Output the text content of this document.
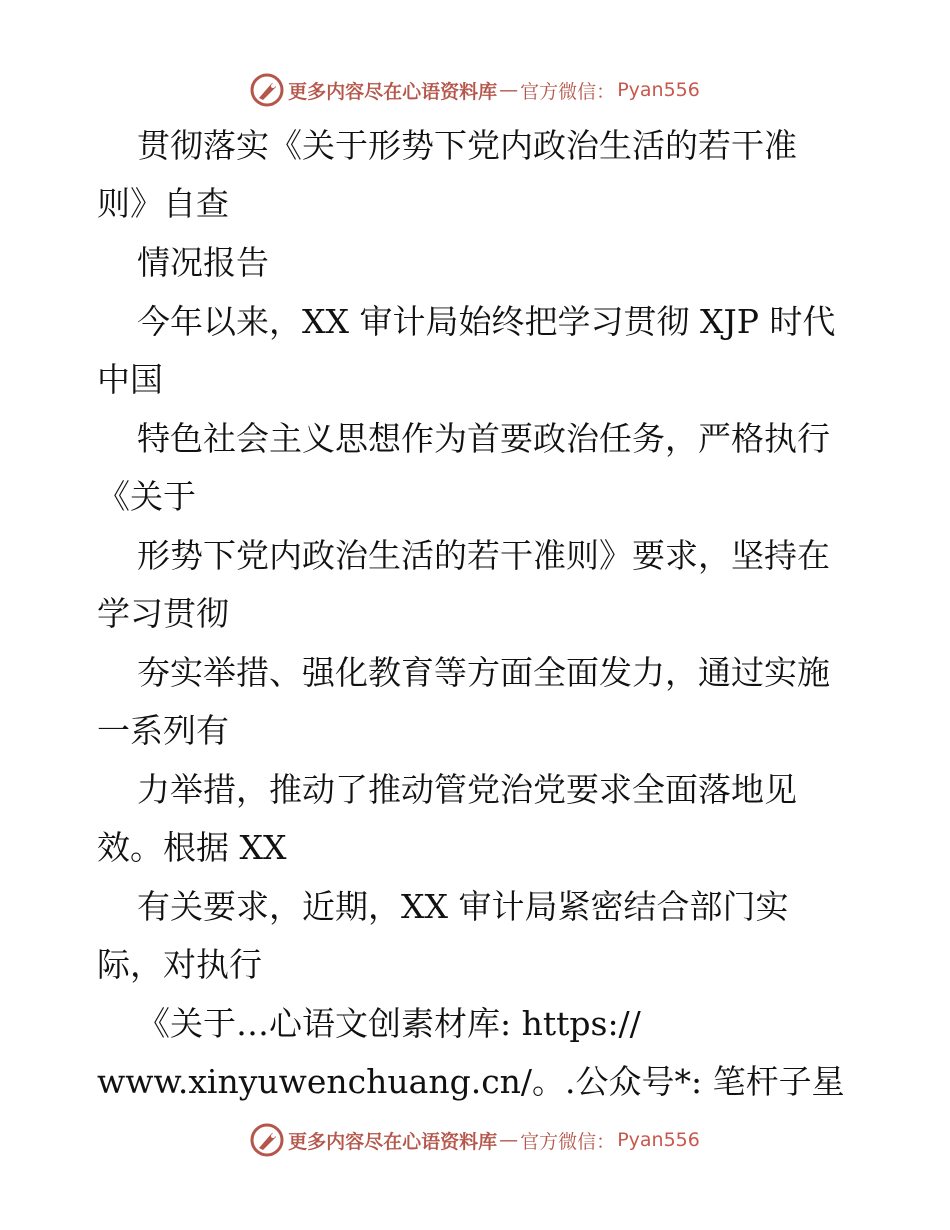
更多内容尽在心语资料库 — 官方微信： Pyan556
贯彻落实《关于形势下党内政治生活的若干准
则》自查
情况报告
今年以来，XX 审计局始终把学习贯彻 XJP 时代
中国
特色社会主义思想作为首要政治任务，严格执行
《关于
形势下党内政治生活的若干准则》要求，坚持在
学习贯彻
夯实举措、强化教育等方面全面发力，通过实施
一系列有
力举措，推动了推动管党治党要求全面落地见
效。根据 XX
有关要求，近期，XX 审计局紧密结合部门实
际，对执行
《关于…心语文创素材库: https://
www.xinyuwenchuang.cn/。.公众号*: 笔杆子星
更多内容尽在心语资料库 — 官方微信： Pyan556
